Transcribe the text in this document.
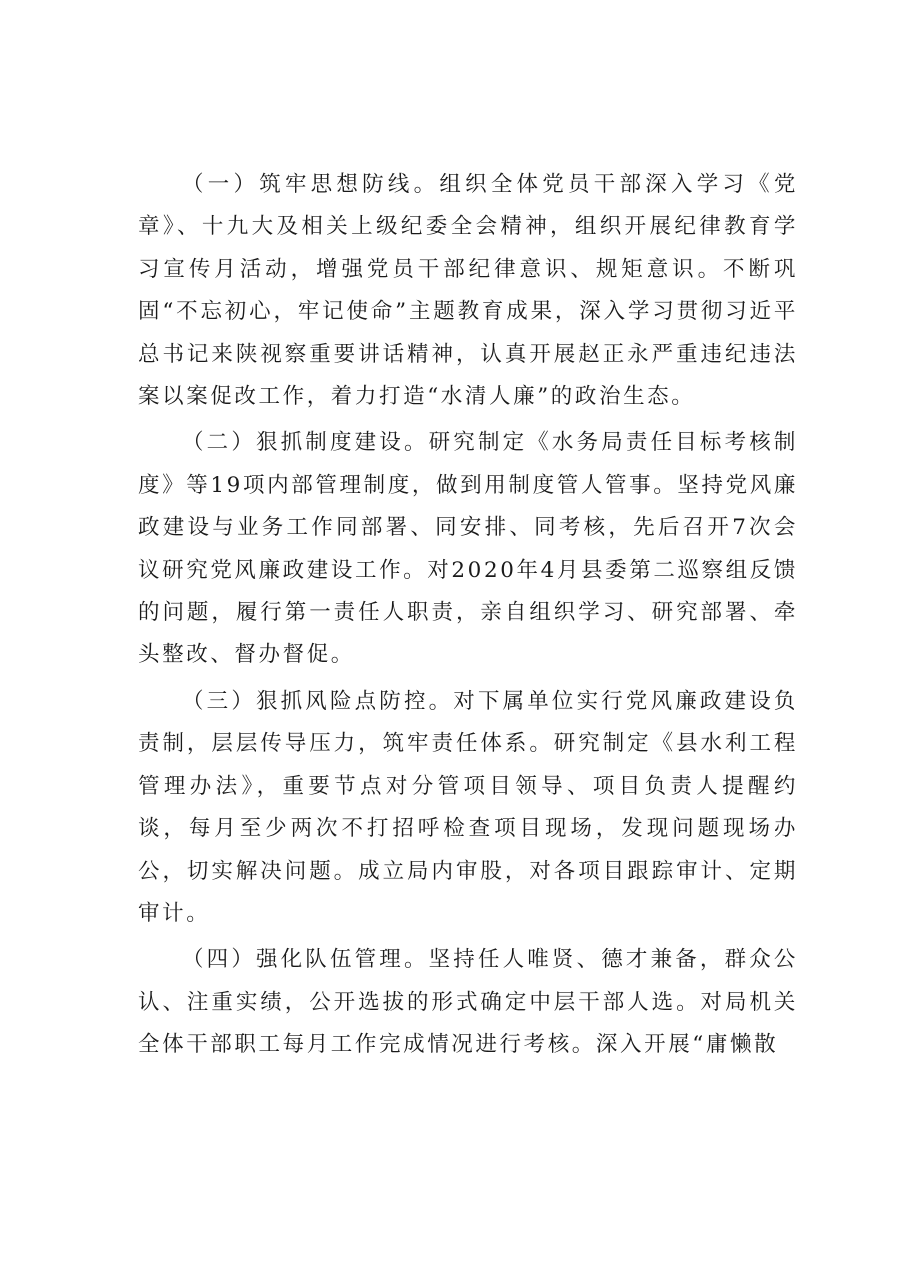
（一）筑牢思想防线。组织全体党员干部深入学习《党章》、十九大及相关上级纪委全会精神，组织开展纪律教育学习宣传月活动，增强党员干部纪律意识、规矩意识。不断巩固“不忘初心，牢记使命”主题教育成果，深入学习贯彻习近平总书记来陕视察重要讲话精神，认真开展赵正永严重违纪违法案以案促改工作，着力打造“水清人廉”的政治生态。

（二）狠抓制度建设。研究制定《水务局责任目标考核制度》等19项内部管理制度，做到用制度管人管事。坚持党风廉政建设与业务工作同部署、同安排、同考核，先后召开7次会议研究党风廉政建设工作。对2020年4月县委第二巡察组反馈的问题，履行第一责任人职责，亲自组织学习、研究部署、牵头整改、督办督促。

（三）狠抓风险点防控。对下属单位实行党风廉政建设负责制，层层传导压力，筑牢责任体系。研究制定《县水利工程管理办法》，重要节点对分管项目领导、项目负责人提醒约谈，每月至少两次不打招呼检查项目现场，发现问题现场办公，切实解决问题。成立局内审股，对各项目跟踪审计、定期审计。

（四）强化队伍管理。坚持任人唯贤、德才兼备，群众公认、注重实绩，公开选拔的形式确定中层干部人选。对局机关全体干部职工每月工作完成情况进行考核。深入开展“庸懒散
